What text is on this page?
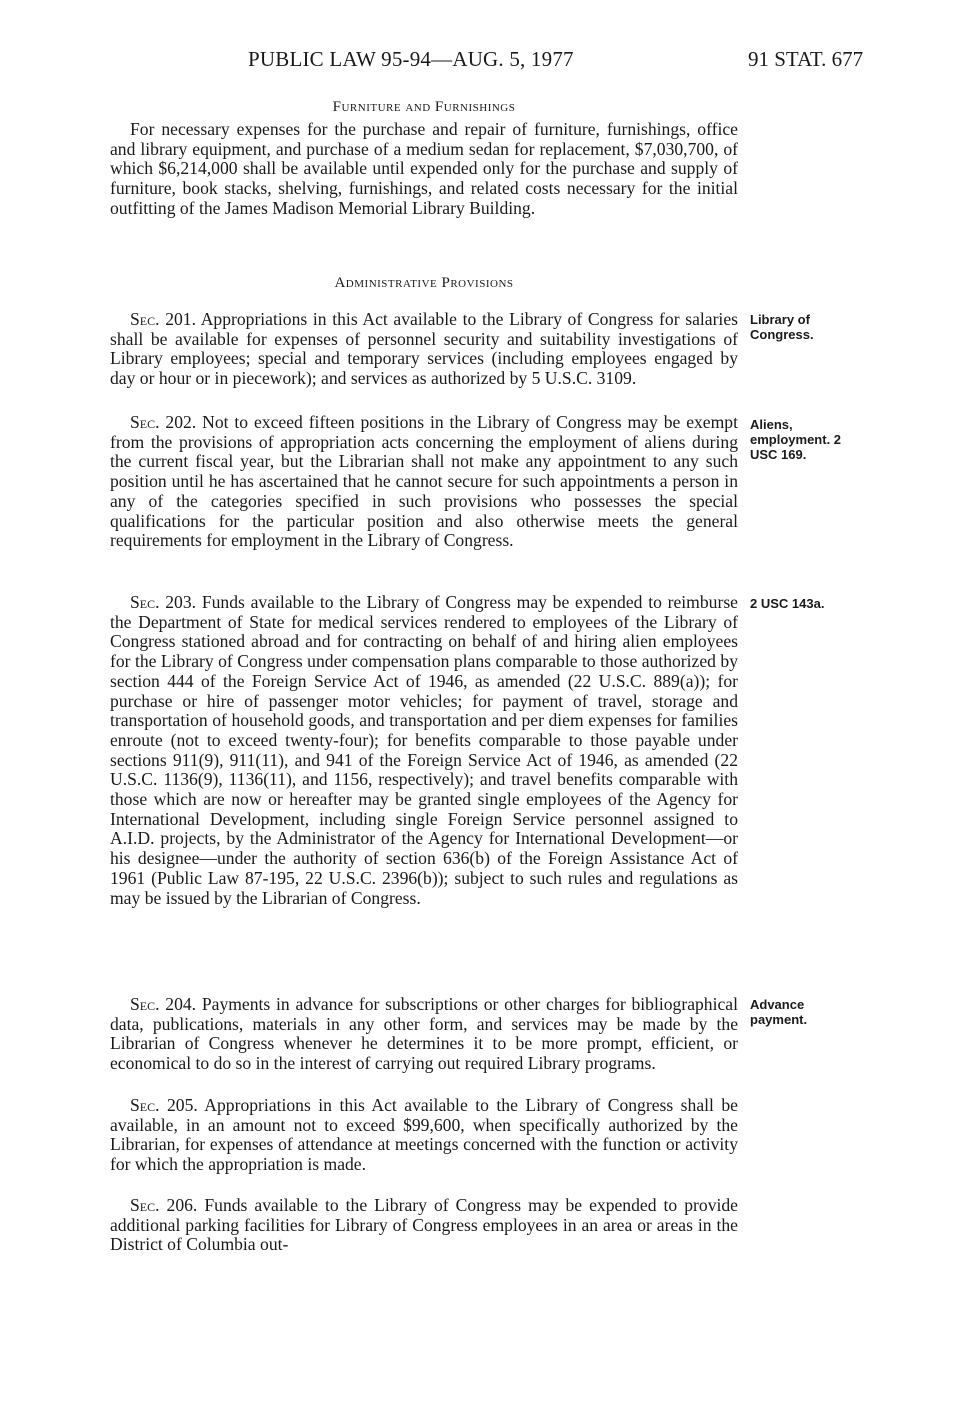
PUBLIC LAW 95-94—AUG. 5, 1977	91 STAT. 677
Furniture and Furnishings
For necessary expenses for the purchase and repair of furniture, furnishings, office and library equipment, and purchase of a medium sedan for replacement, $7,030,700, of which $6,214,000 shall be available until expended only for the purchase and supply of furniture, book stacks, shelving, furnishings, and related costs necessary for the initial outfitting of the James Madison Memorial Library Building.
Administrative Provisions
Sec. 201. Appropriations in this Act available to the Library of Congress for salaries shall be available for expenses of personnel security and suitability investigations of Library employees; special and temporary services (including employees engaged by day or hour or in piecework); and services as authorized by 5 U.S.C. 3109.
Sec. 202. Not to exceed fifteen positions in the Library of Congress may be exempt from the provisions of appropriation acts concerning the employment of aliens during the current fiscal year, but the Librarian shall not make any appointment to any such position until he has ascertained that he cannot secure for such appointments a person in any of the categories specified in such provisions who possesses the special qualifications for the particular position and also otherwise meets the general requirements for employment in the Library of Congress.
Sec. 203. Funds available to the Library of Congress may be expended to reimburse the Department of State for medical services rendered to employees of the Library of Congress stationed abroad and for contracting on behalf of and hiring alien employees for the Library of Congress under compensation plans comparable to those authorized by section 444 of the Foreign Service Act of 1946, as amended (22 U.S.C. 889(a)); for purchase or hire of passenger motor vehicles; for payment of travel, storage and transportation of household goods, and transportation and per diem expenses for families enroute (not to exceed twenty-four); for benefits comparable to those payable under sections 911(9), 911(11), and 941 of the Foreign Service Act of 1946, as amended (22 U.S.C. 1136(9), 1136(11), and 1156, respectively); and travel benefits comparable with those which are now or hereafter may be granted single employees of the Agency for International Development, including single Foreign Service personnel assigned to A.I.D. projects, by the Administrator of the Agency for International Development—or his designee—under the authority of section 636(b) of the Foreign Assistance Act of 1961 (Public Law 87-195, 22 U.S.C. 2396(b)); subject to such rules and regulations as may be issued by the Librarian of Congress.
Sec. 204. Payments in advance for subscriptions or other charges for bibliographical data, publications, materials in any other form, and services may be made by the Librarian of Congress whenever he determines it to be more prompt, efficient, or economical to do so in the interest of carrying out required Library programs.
Sec. 205. Appropriations in this Act available to the Library of Congress shall be available, in an amount not to exceed $99,600, when specifically authorized by the Librarian, for expenses of attendance at meetings concerned with the function or activity for which the appropriation is made.
Sec. 206. Funds available to the Library of Congress may be expended to provide additional parking facilities for Library of Congress employees in an area or areas in the District of Columbia out-
Library of Congress.
Aliens, employment. 2 USC 169.
2 USC 143a.
Advance payment.
